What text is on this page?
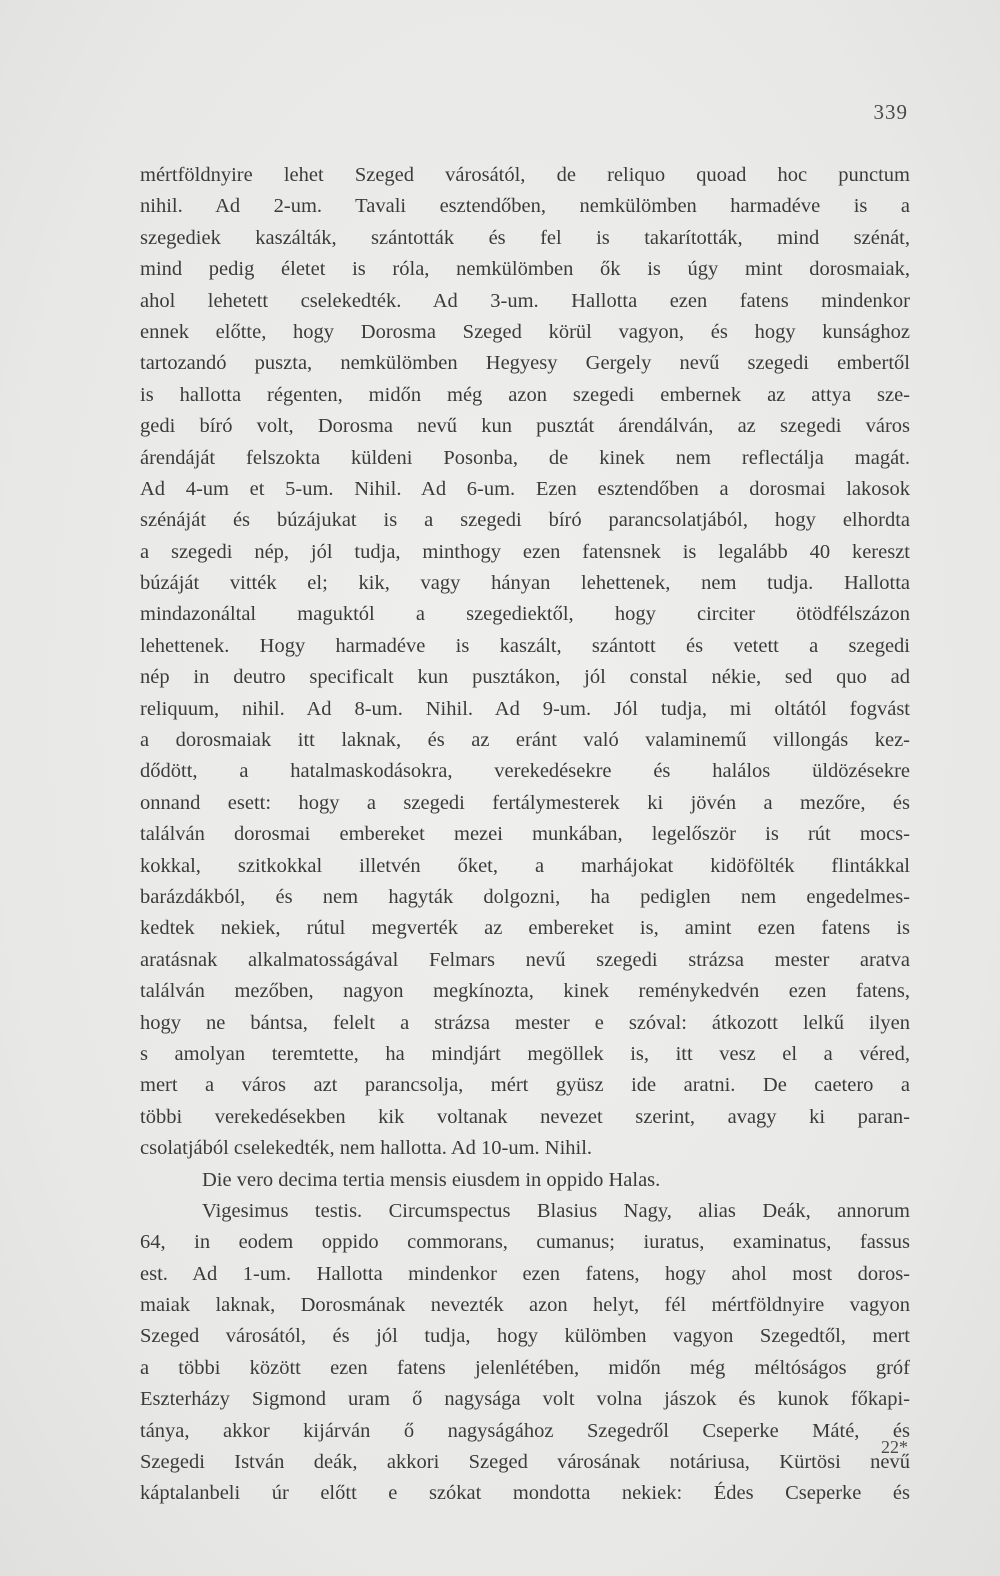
339
mértföldnyire lehet Szeged városától, de reliquo quoad hoc punctum
nihil. Ad 2-um. Tavali esztendőben, nemkülömben harmadéve is a
szegediek kaszálták, szántották és fel is takarították, mind szénát,
mind pedig életet is róla, nemkülömben ők is úgy mint dorosmaiak,
ahol lehetett cselekedték. Ad 3-um. Hallotta ezen fatens mindenkor
ennek előtte, hogy Dorosma Szeged körül vagyon, és hogy kunsághoz
tartozandó puszta, nemkülömben Hegyesy Gergely nevű szegedi embertől
is hallotta régenten, midőn még azon szegedi embernek az attya sze-
gedi bíró volt, Dorosma nevű kun pusztát árendálván, az szegedi város
árendáját felszokta küldeni Posonba, de kinek nem reflectálja magát.
Ad 4-um et 5-um. Nihil. Ad 6-um. Ezen esztendőben a dorosmai lakosok
szénáját és búzájukat is a szegedi bíró parancsolatjából, hogy elhordta
a szegedi nép, jól tudja, minthogy ezen fatensnek is legalább 40 kereszt
búzáját vitték el; kik, vagy hányan lehettenek, nem tudja. Hallotta
mindazonáltal maguktól a szegediektől, hogy circiter ötödfélszázon
lehettenek. Hogy harmadéve is kaszált, szántott és vetett a szegedi
nép in deutro specificalt kun pusztákon, jól constal nékie, sed quo ad
reliquum, nihil. Ad 8-um. Nihil. Ad 9-um. Jól tudja, mi oltától fogvást
a dorosmaiak itt laknak, és az eránt való valaminemű villongás kez-
dődött, a hatalmaskodásokra, verekedésekre és halálos üldözésekre
onnand esett: hogy a szegedi fertálymesterek ki jövén a mezőre, és
találván dorosmai embereket mezei munkában, legelőször is rút mocs-
kokkal, szitkokkal illetvén őket, a marhájokat kidöfölték flintákkal
barázdákból, és nem hagyták dolgozni, ha pediglen nem engedelmes-
kedtek nekiek, rútul megverték az embereket is, amint ezen fatens is
aratásnak alkalmatosságával Felmars nevű szegedi strázsa mester aratva
találván mezőben, nagyon megkínozta, kinek reménykedvén ezen fatens,
hogy ne bántsa, felelt a strázsa mester e szóval: átkozott lelkű ilyen
s amolyan teremtette, ha mindjárt megöllek is, itt vesz el a véred,
mert a város azt parancsolja, mért gyüsz ide aratni. De caetero a
többi verekedésekben kik voltanak nevezet szerint, avagy ki paran-
csolatjából cselekedték, nem hallotta. Ad 10-um. Nihil.
Die vero decima tertia mensis eiusdem in oppido Halas.
Vigesimus testis. Circumspectus Blasius Nagy, alias Deák, annorum
64, in eodem oppido commorans, cumanus; iuratus, examinatus, fassus
est. Ad 1-um. Hallotta mindenkor ezen fatens, hogy ahol most doros-
maiak laknak, Dorosmának nevezték azon helyt, fél mértföldnyire vagyon
Szeged városától, és jól tudja, hogy külömben vagyon Szegedtől, mert
a többi között ezen fatens jelenlétében, midőn még méltóságos gróf
Eszterházy Sigmond uram ő nagysága volt volna jászok és kunok főkapi-
tánya, akkor kijárván ő nagyságához Szegedről Cseperke Máté, és
Szegedi István deák, akkori Szeged városának notáriusa, Kürtösi nevű
káptalanbeli úr előtt e szókat mondotta nekiek: Édes Cseperke és
22*
